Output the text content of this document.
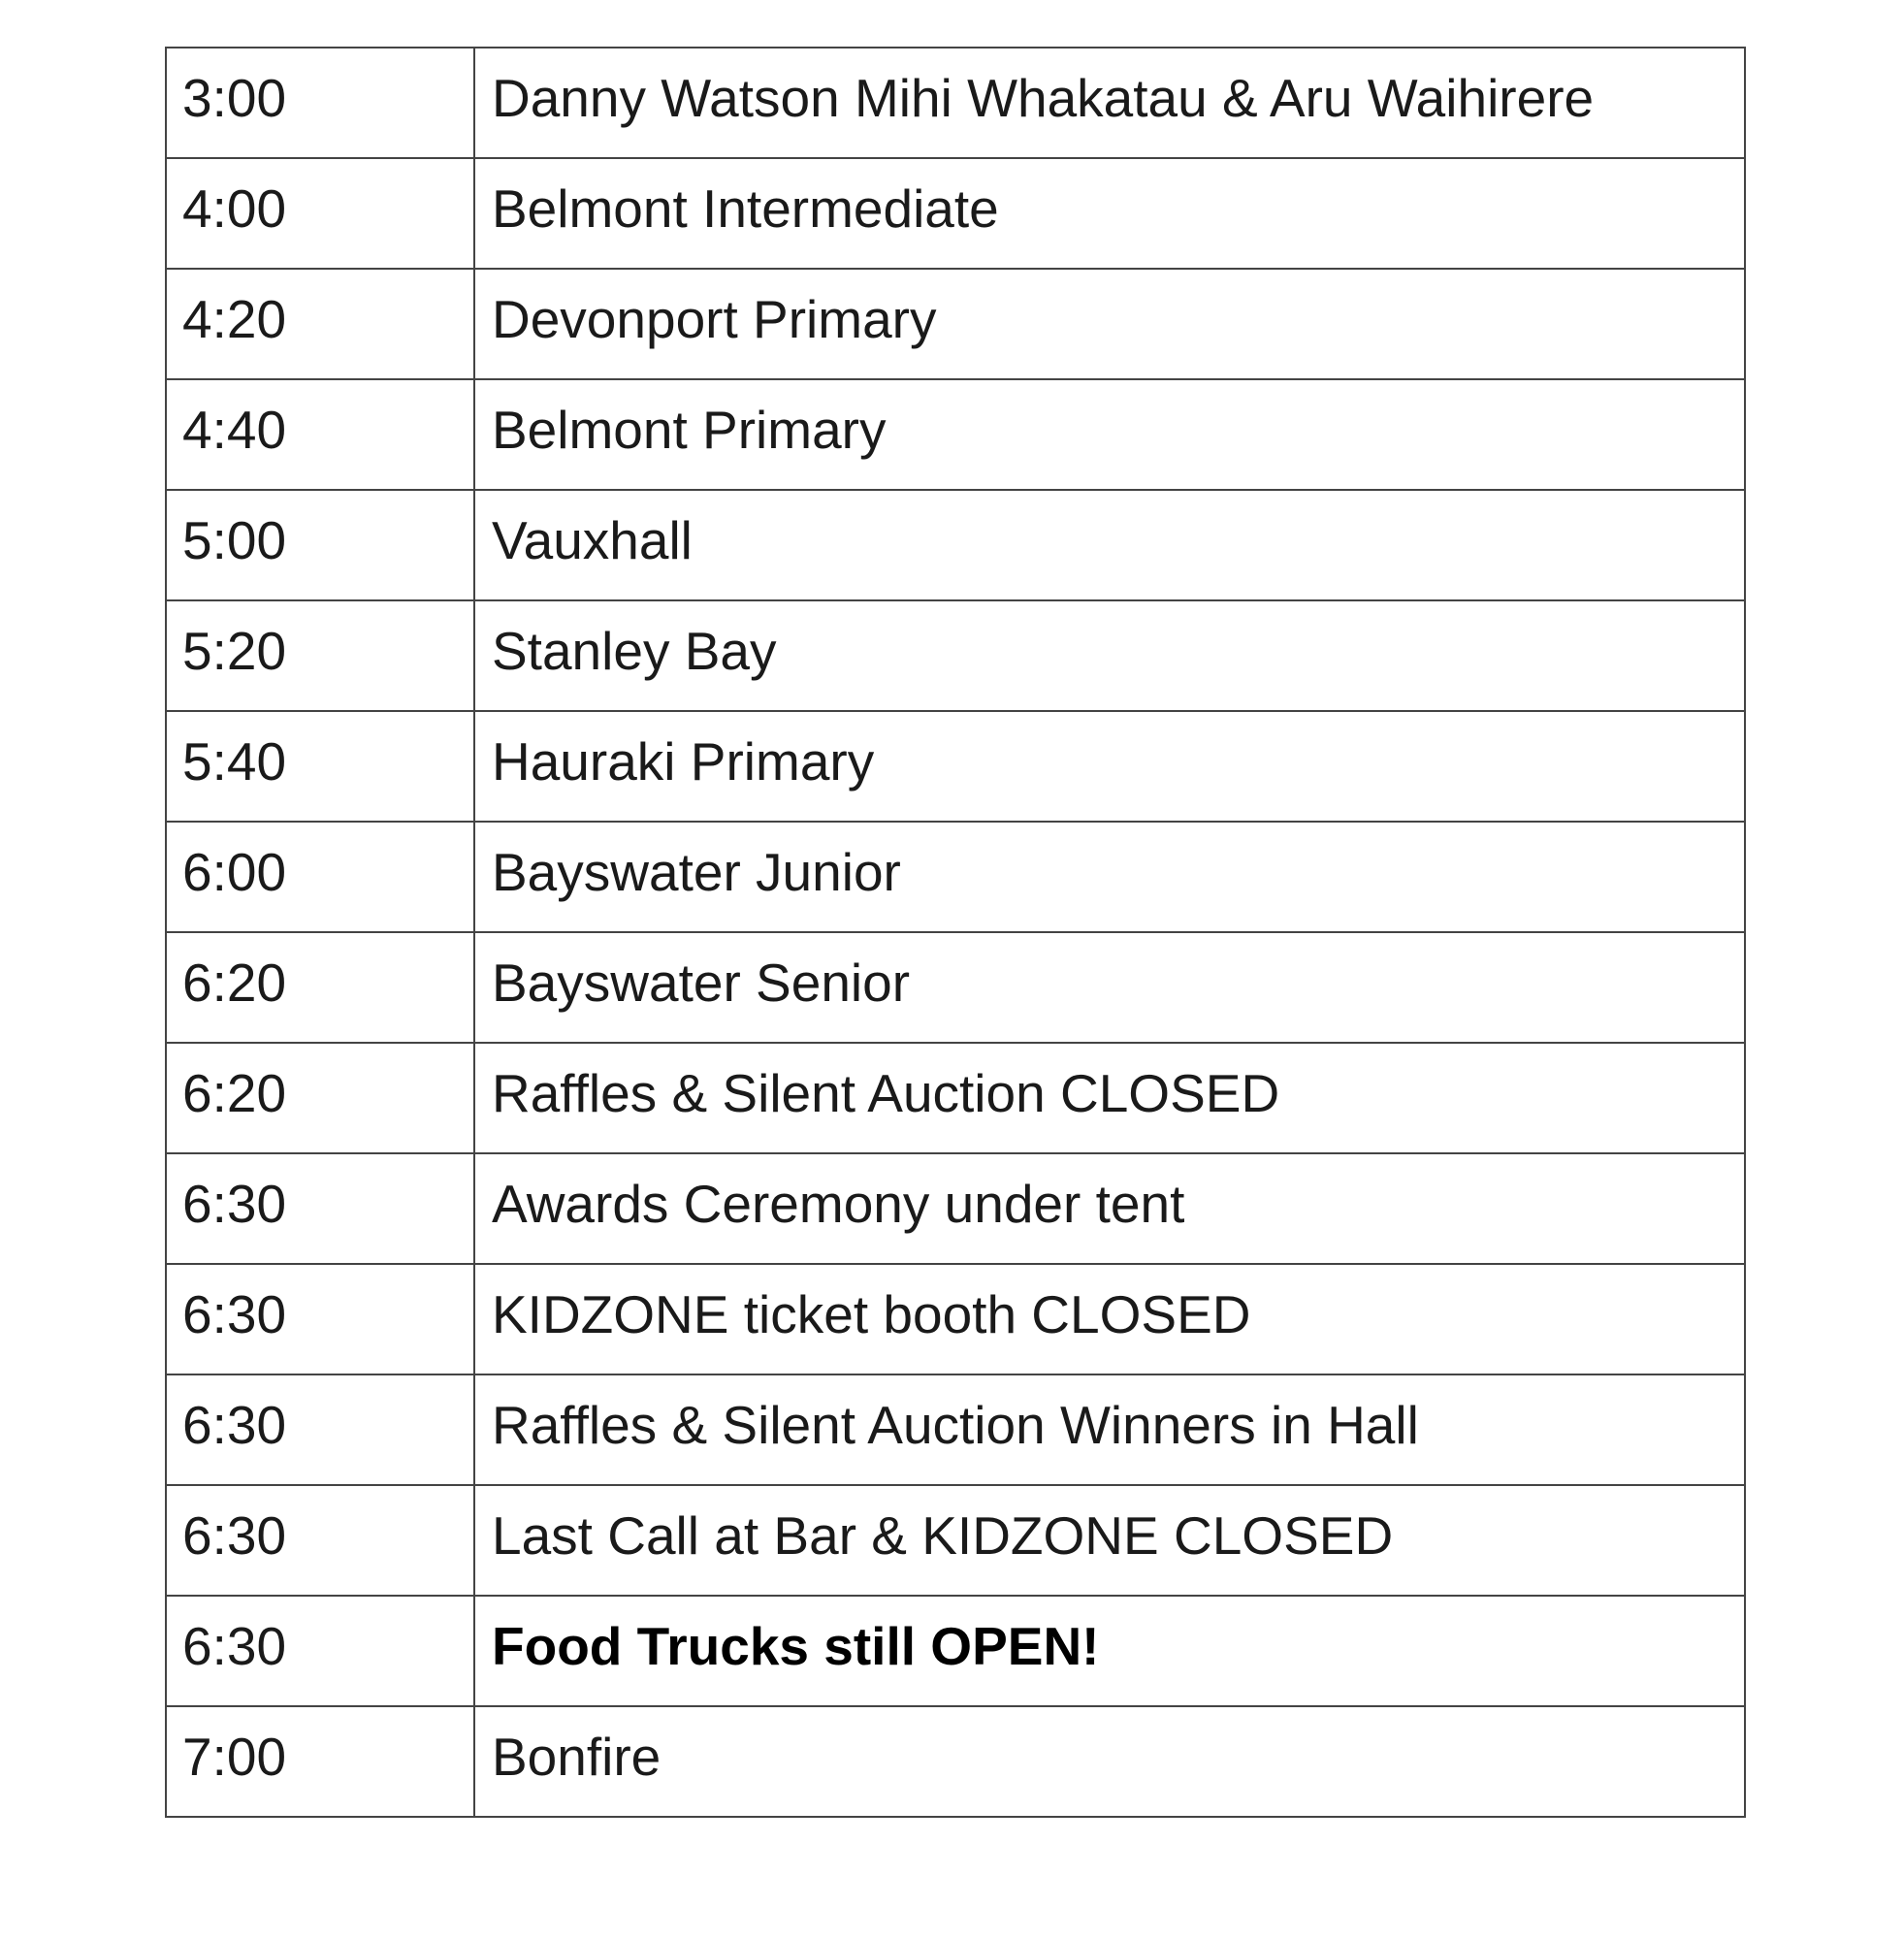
3:00	Danny Watson Mihi Whakatau & Aru Waihirere

4:00	Belmont Intermediate

4:20	Devonport Primary

4:40	Belmont Primary

5:00	Vauxhall

5:20	Stanley Bay

5:40	Hauraki Primary

6:00	Bayswater Junior

6:20	Bayswater Senior

6:20	Raffles & Silent Auction CLOSED

6:30	Awards Ceremony under tent

6:30	KIDZONE ticket booth CLOSED

6:30	Raffles & Silent Auction Winners in Hall

6:30	Last Call at Bar & KIDZONE CLOSED

6:30	Food Trucks still OPEN!

7:00	Bonfire
